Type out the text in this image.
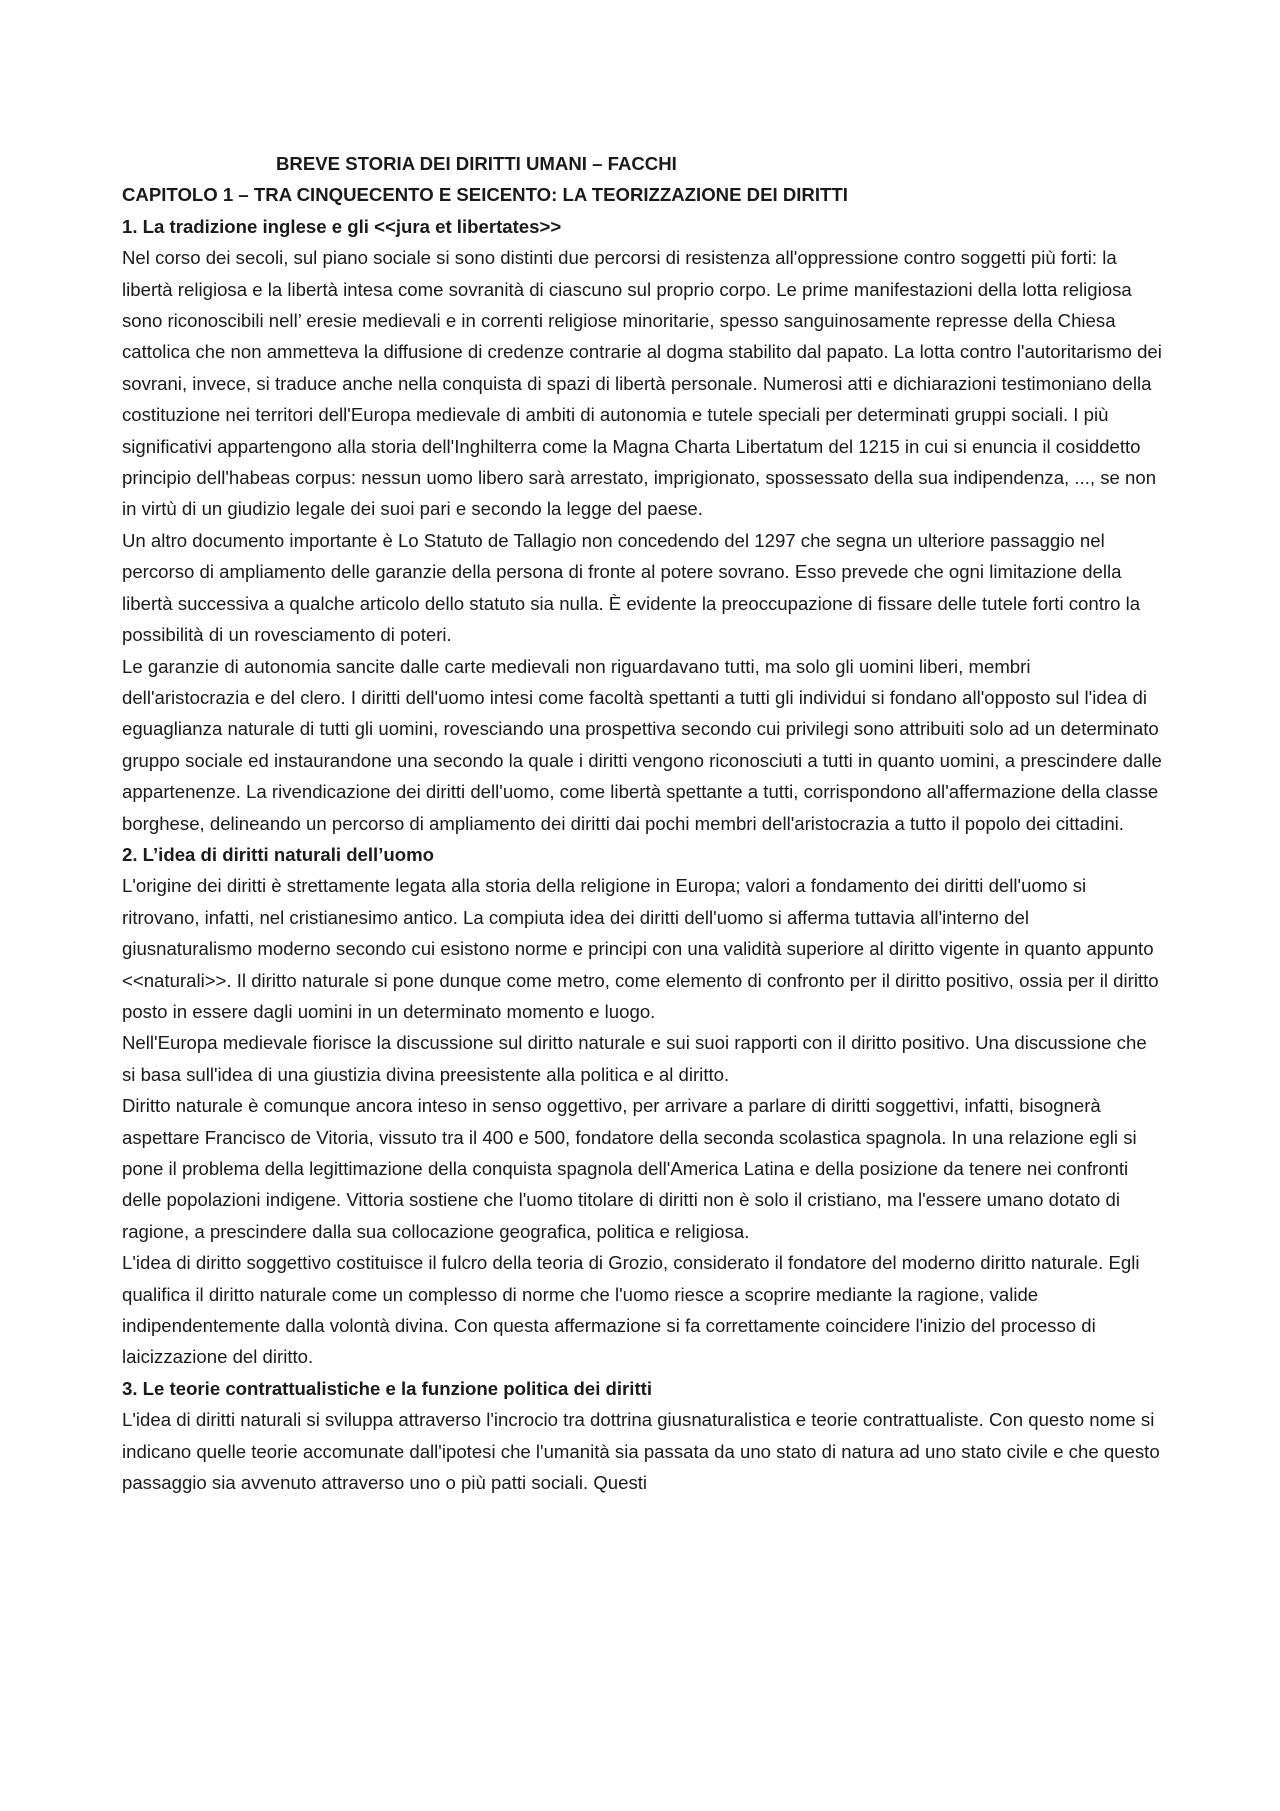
BREVE STORIA DEI DIRITTI UMANI – FACCHI
CAPITOLO 1 – TRA CINQUECENTO E SEICENTO: LA TEORIZZAZIONE DEI DIRITTI
1. La tradizione inglese e gli <<jura et libertates>>

Nel corso dei secoli, sul piano sociale si sono distinti due percorsi di resistenza all'oppressione contro soggetti più forti: la libertà religiosa e la libertà intesa come sovranità di ciascuno sul proprio corpo. Le prime manifestazioni della lotta religiosa sono riconoscibili nell’ eresie medievali e in correnti religiose minoritarie, spesso sanguinosamente represse della Chiesa cattolica che non ammetteva la diffusione di credenze contrarie al dogma stabilito dal papato. La lotta contro l'autoritarismo dei sovrani, invece, si traduce anche nella conquista di spazi di libertà personale. Numerosi atti e dichiarazioni testimoniano della costituzione nei territori dell'Europa medievale di ambiti di autonomia e tutele speciali per determinati gruppi sociali. I più significativi appartengono alla storia dell'Inghilterra come la Magna Charta Libertatum del 1215 in cui si enuncia il cosiddetto principio dell'habeas corpus: nessun uomo libero sarà arrestato, imprigionato, spossessato della sua indipendenza, ..., se non in virtù di un giudizio legale dei suoi pari e secondo la legge del paese.

Un altro documento importante è Lo Statuto de Tallagio non concedendo del 1297 che segna un ulteriore passaggio nel percorso di ampliamento delle garanzie della persona di fronte al potere sovrano. Esso prevede che ogni limitazione della libertà successiva a qualche articolo dello statuto sia nulla. È evidente la preoccupazione di fissare delle tutele forti contro la possibilità di un rovesciamento di poteri.

Le garanzie di autonomia sancite dalle carte medievali non riguardavano tutti, ma solo gli uomini liberi, membri dell'aristocrazia e del clero. I diritti dell'uomo intesi come facoltà spettanti a tutti gli individui si fondano all'opposto sul l'idea di eguaglianza naturale di tutti gli uomini, rovesciando una prospettiva secondo cui privilegi sono attribuiti solo ad un determinato gruppo sociale ed instaurandone una secondo la quale i diritti vengono riconosciuti a tutti in quanto uomini, a prescindere dalle appartenenze. La rivendicazione dei diritti dell'uomo, come libertà spettante a tutti, corrispondono all'affermazione della classe borghese, delineando un percorso di ampliamento dei diritti dai pochi membri dell'aristocrazia a tutto il popolo dei cittadini.

2. L’idea di diritti naturali dell’uomo

L'origine dei diritti è strettamente legata alla storia della religione in Europa; valori a fondamento dei diritti dell'uomo si ritrovano, infatti, nel cristianesimo antico. La compiuta idea dei diritti dell'uomo si afferma tuttavia all'interno del giusnaturalismo moderno secondo cui esistono norme e principi con una validità superiore al diritto vigente in quanto appunto <<naturali>>. Il diritto naturale si pone dunque come metro, come elemento di confronto per il diritto positivo, ossia per il diritto posto in essere dagli uomini in un determinato momento e luogo.

Nell'Europa medievale fiorisce la discussione sul diritto naturale e sui suoi rapporti con il diritto positivo. Una discussione che si basa sull'idea di una giustizia divina preesistente alla politica e al diritto.

Diritto naturale è comunque ancora inteso in senso oggettivo, per arrivare a parlare di diritti soggettivi, infatti, bisognerà aspettare Francisco de Vitoria, vissuto tra il 400 e 500, fondatore della seconda scolastica spagnola. In una relazione egli si pone il problema della legittimazione della conquista spagnola dell'America Latina e della posizione da tenere nei confronti delle popolazioni indigene. Vittoria sostiene che l'uomo titolare di diritti non è solo il cristiano, ma l'essere umano dotato di ragione, a prescindere dalla sua collocazione geografica, politica e religiosa.

L'idea di diritto soggettivo costituisce il fulcro della teoria di Grozio, considerato il fondatore del moderno diritto naturale. Egli qualifica il diritto naturale come un complesso di norme che l'uomo riesce a scoprire mediante la ragione, valide indipendentemente dalla volontà divina. Con questa affermazione si fa correttamente coincidere l'inizio del processo di laicizzazione del diritto.

3. Le teorie contrattualistiche e la funzione politica dei diritti

L'idea di diritti naturali si sviluppa attraverso l'incrocio tra dottrina giusnaturalistica e teorie contrattualiste. Con questo nome si indicano quelle teorie accomunate dall'ipotesi che l'umanità sia passata da uno stato di natura ad uno stato civile e che questo passaggio sia avvenuto attraverso uno o più patti sociali. Questi
